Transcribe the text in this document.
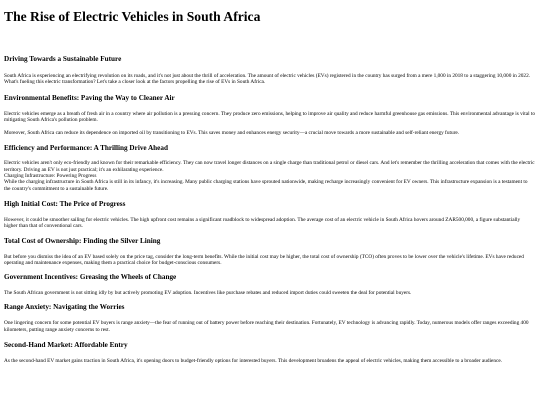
The Rise of Electric Vehicles in South Africa
Driving Towards a Sustainable Future

South Africa is experiencing an electrifying revolution on its roads, and it's not just about the thrill of acceleration. The amount of electric vehicles (EVs) registered in the country has surged from a mere 1,000 in 2018 to a staggering 10,000 in 2022. What's fueling this electric transformation? Let's take a closer look at the factors propelling the rise of EVs in South Africa.

Environmental Benefits: Paving the Way to Cleaner Air

Electric vehicles emerge as a breath of fresh air in a country where air pollution is a pressing concern. They produce zero emissions, helping to improve air quality and reduce harmful greenhouse gas emissions. This environmental advantage is vital to mitigating South Africa's pollution problem.

Moreover, South Africa can reduce its dependence on imported oil by transitioning to EVs. This saves money and enhances energy security—a crucial move towards a more sustainable and self-reliant energy future.

Efficiency and Performance: A Thrilling Drive Ahead

Electric vehicles aren't only eco-friendly and known for their remarkable efficiency. They can now travel longer distances on a single charge than traditional petrol or diesel cars. And let's remember the thrilling acceleration that comes with the electric territory. Driving an EV is not just practical; it's an exhilarating experience.
Charging Infrastructure: Powering Progress
While the charging infrastructure in South Africa is still in its infancy, it's increasing. Many public charging stations have sprouted nationwide, making recharge increasingly convenient for EV owners. This infrastructure expansion is a testament to the country's commitment to a sustainable future.

High Initial Cost: The Price of Progress

However, it could be smoother sailing for electric vehicles. The high upfront cost remains a significant roadblock to widespread adoption. The average cost of an electric vehicle in South Africa hovers around ZAR500,000, a figure substantially higher than that of conventional cars.

Total Cost of Ownership: Finding the Silver Lining

But before you dismiss the idea of an EV based solely on the price tag, consider the long-term benefits. While the initial cost may be higher, the total cost of ownership (TCO) often proves to be lower over the vehicle's lifetime. EVs have reduced operating and maintenance expenses, making them a practical choice for budget-conscious consumers.

Government Incentives: Greasing the Wheels of Change

The South African government is not sitting idly by but actively promoting EV adoption. Incentives like purchase rebates and reduced import duties could sweeten the deal for potential buyers.

Range Anxiety: Navigating the Worries

One lingering concern for some potential EV buyers is range anxiety—the fear of running out of battery power before reaching their destination. Fortunately, EV technology is advancing rapidly. Today, numerous models offer ranges exceeding 400 kilometers, putting range anxiety concerns to rest.

Second-Hand Market: Affordable Entry

As the second-hand EV market gains traction in South Africa, it's opening doors to budget-friendly options for interested buyers. This development broadens the appeal of electric vehicles, making them accessible to a broader audience.
